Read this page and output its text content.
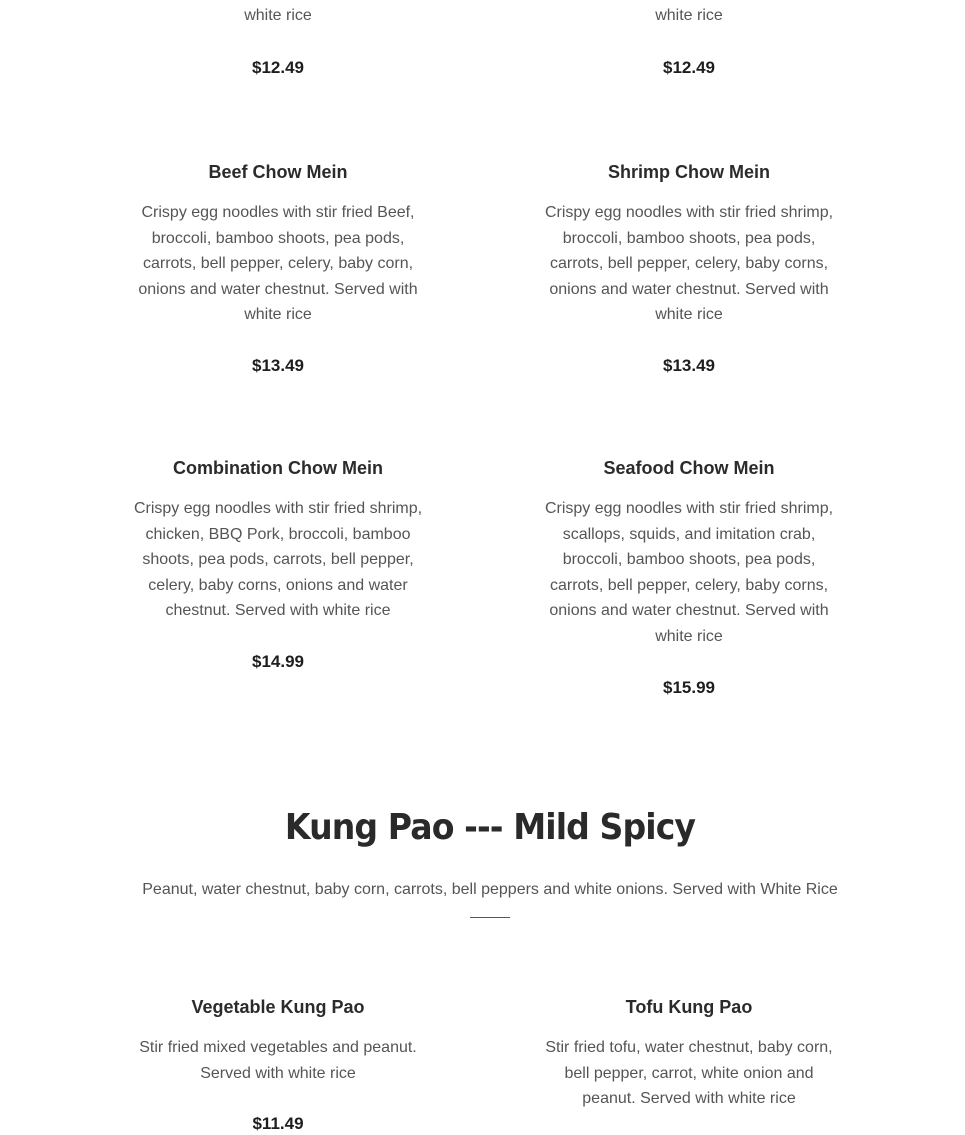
white rice

$12.49

white rice

$12.49
Beef Chow Mein

Crispy egg noodles with stir fried Beef, broccoli, bamboo shoots, pea pods, carrots, bell pepper, celery, baby corn, onions and water chestnut. Served with white rice

$13.49
Shrimp Chow Mein

Crispy egg noodles with stir fried shrimp, broccoli, bamboo shoots, pea pods, carrots, bell pepper, celery, baby corns, onions and water chestnut. Served with white rice

$13.49
Combination Chow Mein

Crispy egg noodles with stir fried shrimp, chicken, BBQ Pork, broccoli, bamboo shoots, pea pods, carrots, bell pepper, celery, baby corns, onions and water chestnut. Served with white rice

$14.99
Seafood Chow Mein

Crispy egg noodles with stir fried shrimp, scallops, squids, and imitation crab, broccoli, bamboo shoots, pea pods, carrots, bell pepper, celery, baby corns, onions and water chestnut. Served with white rice

$15.99
Kung Pao --- Mild Spicy

Peanut, water chestnut, baby corn, carrots, bell peppers and white onions. Served with White Rice

Vegetable Kung Pao

Stir fried mixed vegetables and peanut. Served with white rice

$11.49
Tofu Kung Pao

Stir fried tofu, water chestnut, baby corn, bell pepper, carrot, white onion and peanut. Served with white rice
